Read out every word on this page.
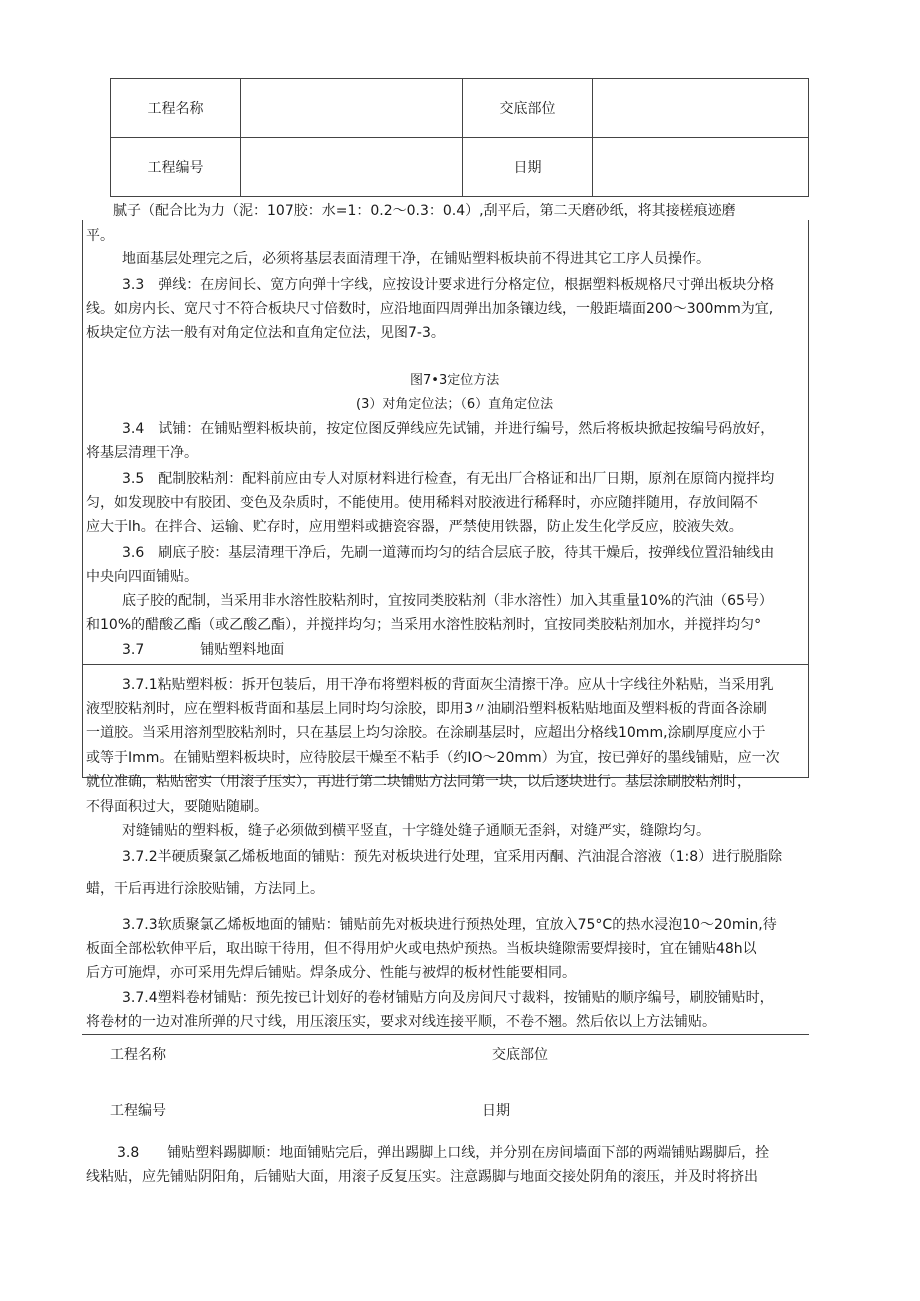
工程名称		交底部位	
工程编号		日期	
腻子（配合比为力（泥：107胶：水=1：0.2～0.3：0.4）,刮平后，第二天磨砂纸，将其接槎痕迹磨
平。
地面基层处理完之后，必须将基层表面清理干净，在铺贴塑料板块前不得进其它工序人员操作。
3.3　弹线：在房间长、宽方向弹十字线，应按设计要求进行分格定位，根据塑料板规格尺寸弹出板块分格
线。如房内长、宽尺寸不符合板块尺寸倍数时，应沿地面四周弹出加条镶边线，一般距墙面200～300mm为宜,
板块定位方法一般有对角定位法和直角定位法，见图7-3。
图7•3定位方法
(3）对角定位法；（6）直角定位法
3.4　试铺：在铺贴塑料板块前，按定位图反弹线应先试铺，并进行编号，然后将板块掀起按编号码放好，
将基层清理干净。
3.5　配制胶粘剂：配料前应由专人对原材料进行检查，有无出厂合格证和出厂日期，原剂在原筒内搅拌均
匀，如发现胶中有胶团、变色及杂质时，不能使用。使用稀料对胶液进行稀释时，亦应随拌随用，存放间隔不
应大于lh。在拌合、运输、贮存时，应用塑料或搪瓷容器，严禁使用铁器，防止发生化学反应，胶液失效。
3.6　刷底子胶：基层清理干净后，先刷一道薄而均匀的结合层底子胶，待其干燥后，按弹线位置沿轴线由
中央向四面铺贴。
底子胶的配制，当采用非水溶性胶粘剂时，宜按同类胶粘剂（非水溶性）加入其重量10%的汽油（65号）
和10%的醋酸乙酯（或乙酸乙酯），并搅拌均匀；当采用水溶性胶粘剂时，宜按同类胶粘剂加水，并搅拌均匀°
3.7　　　　铺贴塑料地面
3.7.1粘贴塑料板：拆开包装后，用干净布将塑料板的背面灰尘清擦干净。应从十字线往外粘贴，当采用乳
液型胶粘剂时，应在塑料板背面和基层上同时均匀涂胶，即用3〃油刷沿塑料板粘贴地面及塑料板的背面各涂刷
一道胶。当采用溶剂型胶粘剂时，只在基层上均匀涂胶。在涂刷基层时，应超出分格线10mm,涂刷厚度应小于
或等于Imm。在铺贴塑料板块时，应待胶层干燥至不粘手（约IO～20mm）为宜，按已弹好的墨线铺贴，应一次
就位准确，粘贴密实（用滚子压实），再进行第二块铺贴方法同第一块，以后逐块进行。基层涂刷胶粘剂时，
不得面积过大，要随贴随刷。
对缝铺贴的塑料板，缝子必须做到横平竖直，十字缝处缝子通顺无歪斜，对缝严实，缝隙均匀。
3.7.2半硬质聚氯乙烯板地面的铺贴：预先对板块进行处理，宜采用丙酮、汽油混合溶液（1:8）进行脱脂除
蜡，干后再进行涂胶贴铺，方法同上。
3.7.3软质聚氯乙烯板地面的铺贴：铺贴前先对板块进行预热处理，宜放入75°C的热水浸泡10～20min,待
板面全部松软伸平后，取出晾干待用，但不得用炉火或电热炉预热。当板块缝隙需要焊接时，宜在铺贴48h以
后方可施焊，亦可采用先焊后铺贴。焊条成分、性能与被焊的板材性能要相同。
3.7.4塑料卷材铺贴：预先按已计划好的卷材铺贴方向及房间尺寸裁料，按铺贴的顺序编号，刷胶铺贴时，
将卷材的一边对准所弹的尺寸线，用压滚压实，要求对线连接平顺，不卷不翘。然后依以上方法铺贴。
工程名称	交底部位
工程编号	日期
3.8　　铺贴塑料踢脚顺：地面铺贴完后，弹出踢脚上口线，并分别在房间墙面下部的两端铺贴踢脚后，拴
线粘贴，应先铺贴阴阳角，后铺贴大面，用滚子反复压实。注意踢脚与地面交接处阴角的滚压，并及时将挤出
